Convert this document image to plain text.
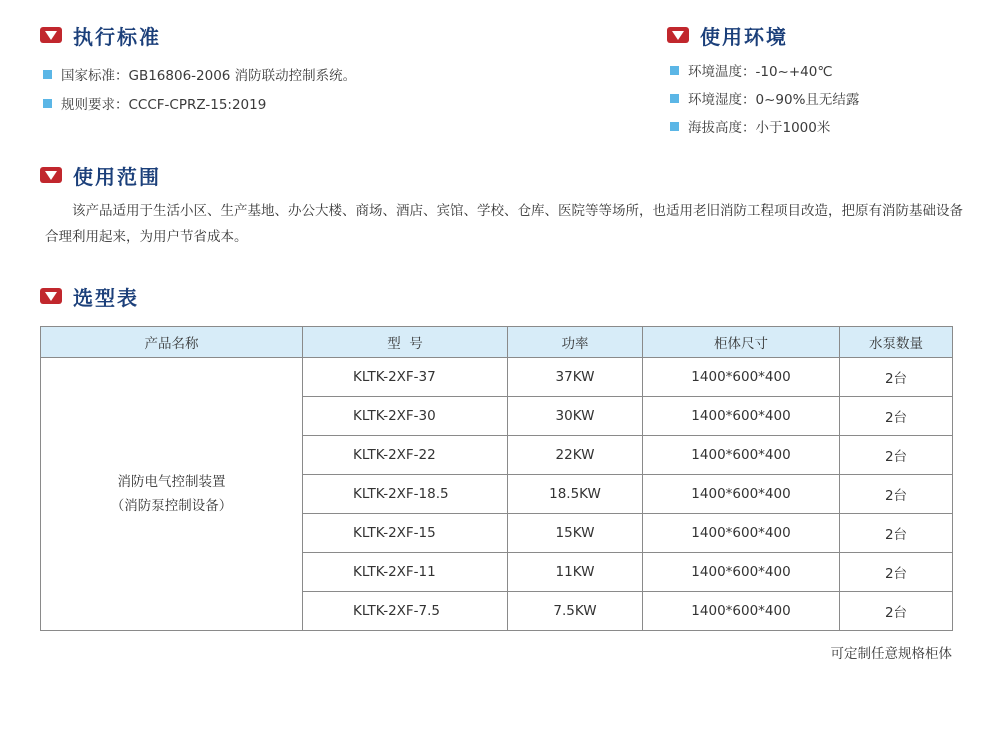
执行标准
国家标准：GB16806-2006 消防联动控制系统。
规则要求：CCCF-CPRZ-15:2019
使用环境
环境温度：-10~+40℃
环境湿度：0~90%且无结露
海拔高度：小于1000米
使用范围
该产品适用于生活小区、生产基地、办公大楼、商场、酒店、宾馆、学校、仓库、医院等等场所，也适用老旧消防工程项目改造，把原有消防基础设备合理利用起来，为用户节省成本。
选型表
产品名称	型  号	功率	柜体尺寸	水泵数量

消防电气控制装置
（消防泵控制设备）	KLTK-2XF-37	37KW	1400*600*400	2台
	KLTK-2XF-30	30KW	1400*600*400	2台
	KLTK-2XF-22	22KW	1400*600*400	2台
	KLTK-2XF-18.5	18.5KW	1400*600*400	2台
	KLTK-2XF-15	15KW	1400*600*400	2台
	KLTK-2XF-11	11KW	1400*600*400	2台
	KLTK-2XF-7.5	7.5KW	1400*600*400	2台
可定制任意规格柜体
